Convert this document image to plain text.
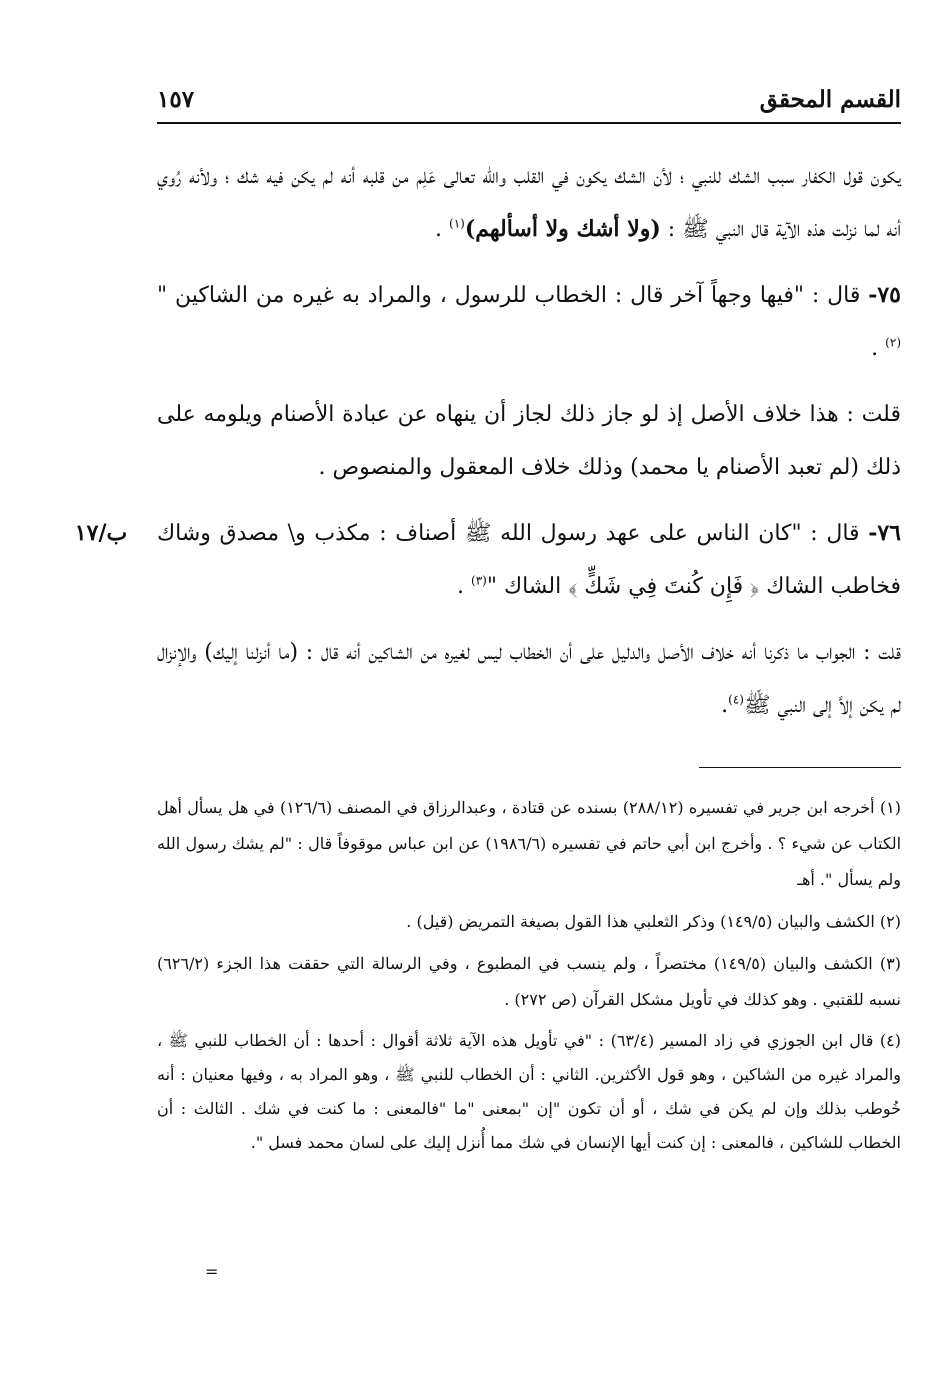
القسم المحقق
١٥٧
ب/١٧

يكون قول الكفار سبب الشك للنبي ؛ لأن الشك يكون في القلب والله تعالى عَلِم من قلبه أنه لم يكن فيه شك ؛ ولأنه رُوي أنه لما نزلت هذه الآية قال النبي ﷺ : (ولا أشك ولا أسألهم)$^{(١)}$ .

٧٥- قال : "فيها وجهاً آخر قال : الخطاب للرسول ، والمراد به غيره من الشاكين "$^{(٢)}$ .

قلت : هذا خلاف الأصل إذ لو جاز ذلك لجاز أن ينهاه عن عبادة الأصنام ويلومه على ذلك (لم تعبد الأصنام يا محمد) وذلك خلاف المعقول والمنصوص .

٧٦- قال : "كان الناس على عهد رسول الله ﷺ أصناف : مكذب و\ مصدق وشاك فخاطب الشاك ﴿ فَإِن كُنتَ فِي شَكٍّ ﴾ الشاك "$^{(٣)}$ .

قلت : الجواب ما ذكرنا أنه خلاف الأصل والدليل على أن الخطاب ليس لغيره من الشاكين أنه قال : (ما أنزلنا إليك) والإنزال لم يكن إلاَّ إلى النبي ﷺ$^{(٤)}$.

(١) أخرجه ابن جرير في تفسيره (٢٨٨/١٢) بسنده عن قتادة ، وعبدالرزاق في المصنف (١٢٦/٦) في هل يسأل أهل الكتاب عن شيء ؟ . وأخرج ابن أبي حاتم في تفسيره (١٩٨٦/٦) عن ابن عباس موقوفاً قال : "لم يشك رسول الله ولم يسأل ". أهـ
(٢) الكشف والبيان (١٤٩/٥) وذكر الثعلبي هذا القول بصيغة التمريض (قيل) .
(٣) الكشف والبيان (١٤٩/٥) مختصراً ، ولم ينسب في المطبوع ، وفي الرسالة التي حققت هذا الجزء (٦٢٦/٢) نسبه للقتبي . وهو كذلك في تأويل مشكل القرآن (ص ٢٧٢) .
(٤) قال ابن الجوزي في زاد المسير (٦٣/٤) : "في تأويل هذه الآية ثلاثة أقوال : أحدها : أن الخطاب للنبي ﷺ ، والمراد غيره من الشاكين ، وهو قول الأكثرين. الثاني : أن الخطاب للنبي ﷺ ، وهو المراد به ، وفيها معنيان : أنه خُوطب بذلك وإن لم يكن في شك ، أو أن تكون "إن "بمعنى "ما "فالمعنى : ما كنت في شك . الثالث : أن الخطاب للشاكين ، فالمعنى : إن كنت أيها الإنسان في شك مما أُنزل إليك على لسان محمد فسل ".
=
